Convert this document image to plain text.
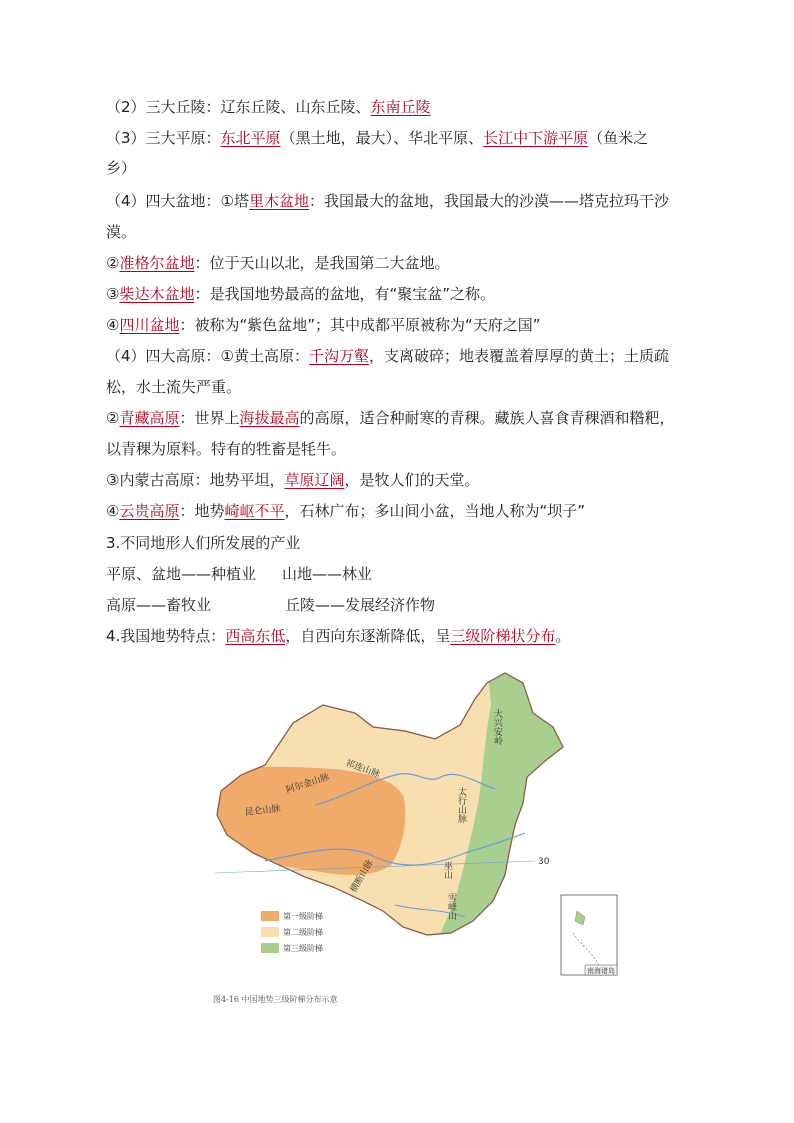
（2）三大丘陵：辽东丘陵、山东丘陵、东南丘陵
（3）三大平原：东北平原（黑土地，最大）、华北平原、长江中下游平原（鱼米之
乡）
（4）四大盆地：①塔里木盆地：我国最大的盆地，我国最大的沙漠——塔克拉玛干沙
漠。
②准格尔盆地：位于天山以北，是我国第二大盆地。
③柴达木盆地：是我国地势最高的盆地，有“聚宝盆”之称。
④四川盆地：被称为“紫色盆地”；其中成都平原被称为“天府之国”
（4）四大高原：①黄土高原：千沟万壑，支离破碎；地表覆盖着厚厚的黄土；土质疏
松，水土流失严重。
②青藏高原：世界上海拔最高的高原，适合种耐寒的青稞。藏族人喜食青稞酒和糌粑，
以青稞为原料。特有的牲畜是牦牛。
③内蒙古高原：地势平坦，草原辽阔，是牧人们的天堂。
④云贵高原：地势崎岖不平，石林广布；多山间小盆，当地人称为“坝子”
3.不同地形人们所发展的产业
平原、盆地——种植业 山地——林业
高原——畜牧业	丘陵——发展经济作物
4.我国地势特点：西高东低，自西向东逐渐降低，呈三级阶梯状分布。
30
大兴安岭
阿尔金山脉
祁连山脉
昆仑山脉	太行山脉
巫山
横断山脉
雪峰山
第一级阶梯
第二级阶梯
第三级阶梯
南海诸岛
图4-16 中国地势三级阶梯分布示意
